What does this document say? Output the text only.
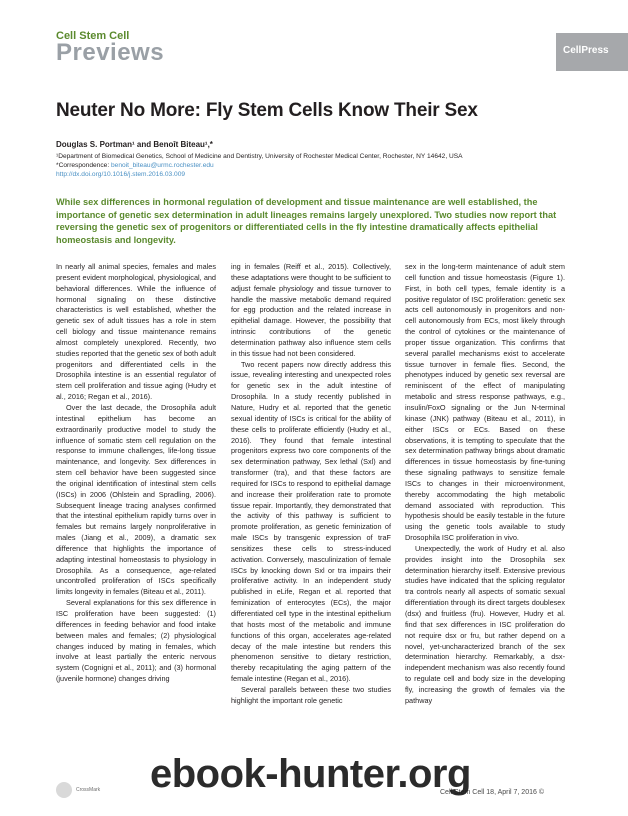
Cell Stem Cell
Previews	CellPress
Neuter No More: Fly Stem Cells Know Their Sex
Douglas S. Portman¹ and Benoît Biteau¹,*
¹Department of Biomedical Genetics, School of Medicine and Dentistry, University of Rochester Medical Center, Rochester, NY 14642, USA
*Correspondence: benoit_biteau@urmc.rochester.edu
http://dx.doi.org/10.1016/j.stem.2016.03.009
While sex differences in hormonal regulation of development and tissue maintenance are well established, the importance of genetic sex determination in adult lineages remains largely unexplored. Two studies now report that reversing the genetic sex of progenitors or differentiated cells in the fly intestine dramatically affects epithelial homeostasis and longevity.

In nearly all animal species, females and males present evident morphological, physiological, and behavioral differences. While the influence of hormonal signaling on these distinctive characteristics is well established, whether the genetic sex of adult tissues has a role in stem cell biology and tissue maintenance remains almost completely unexplored. Recently, two studies reported that the genetic sex of both adult progenitors and differentiated cells in the Drosophila intestine is an essential regulator of stem cell proliferation and tissue aging (Hudry et al., 2016; Regan et al., 2016).

Over the last decade, the Drosophila adult intestinal epithelium has become an extraordinarily productive model to study the influence of somatic stem cell regulation on the response to immune challenges, life-long tissue maintenance, and longevity. Sex differences in stem cell behavior have been suggested since the original identification of intestinal stem cells (ISCs) in 2006 (Ohlstein and Spradling, 2006). Subsequent lineage tracing analyses confirmed that the intestinal epithelium rapidly turns over in females but remains largely nonproliferative in males (Jiang et al., 2009), a dramatic sex difference that highlights the importance of adapting intestinal homeostasis to physiology in Drosophila. As a consequence, age-related uncontrolled proliferation of ISCs specifically limits longevity in females (Biteau et al., 2011).

Several explanations for this sex difference in ISC proliferation have been suggested: (1) differences in feeding behavior and food intake between males and females; (2) physiological changes induced by mating in females, which involve at least partially the enteric nervous system (Cognigni et al., 2011); and (3) hormonal (juvenile hormone) changes driving

ing in females (Reiff et al., 2015). Collectively, these adaptations were thought to be sufficient to adjust female physiology and tissue turnover to handle the massive metabolic demand required for egg production and the related increase in epithelial damage. However, the possibility that intrinsic contributions of the genetic determination pathway also influence stem cells in this tissue had not been considered.

Two recent papers now directly address this issue, revealing interesting and unexpected roles for genetic sex in the adult intestine of Drosophila. In a study recently published in Nature, Hudry et al. reported that the genetic sexual identity of ISCs is critical for the ability of these cells to proliferate efficiently (Hudry et al., 2016). They found that female intestinal progenitors express two core components of the sex determination pathway, Sex lethal (Sxl) and transformer (tra), and that these factors are required for ISCs to respond to epithelial damage and increase their proliferation rate to promote tissue repair. Importantly, they demonstrated that the activity of this pathway is sufficient to promote proliferation, as genetic feminization of male ISCs by transgenic expression of traF sensitizes these cells to stress-induced activation. Conversely, masculinization of female ISCs by knocking down Sxl or tra impairs their proliferative activity. In an independent study published in eLife, Regan et al. reported that feminization of enterocytes (ECs), the major differentiated cell type in the intestinal epithelium that hosts most of the metabolic and immune functions of this organ, accelerates age-related decay of the male intestine but renders this phenomenon sensitive to dietary restriction, thereby recapitulating the aging pattern of the female intestine (Regan et al., 2016).

Several parallels between these two studies highlight the important role genetic

sex in the long-term maintenance of adult stem cell function and tissue homeostasis (Figure 1). First, in both cell types, female identity is a positive regulator of ISC proliferation: genetic sex acts cell autonomously in progenitors and non-cell autonomously from ECs, most likely through the control of cytokines or the maintenance of proper tissue organization. This confirms that several parallel mechanisms exist to accelerate tissue turnover in female flies. Second, the phenotypes induced by genetic sex reversal are reminiscent of the effect of manipulating metabolic and stress response pathways, e.g., insulin/FoxO signaling or the Jun N-terminal kinase (JNK) pathway (Biteau et al., 2011), in either ISCs or ECs. Based on these observations, it is tempting to speculate that the sex determination pathway brings about dramatic differences in tissue homeostasis by fine-tuning these signaling pathways to sensitize female ISCs to changes in their microenvironment, thereby accommodating the high metabolic demand associated with reproduction. This hypothesis should be easily testable in the future using the genetic tools available to study Drosophila ISC proliferation in vivo.

Unexpectedly, the work of Hudry et al. also provides insight into the Drosophila sex determination hierarchy itself. Extensive previous studies have indicated that the splicing regulator tra controls nearly all aspects of somatic sexual differentiation through its direct targets doublesex (dsx) and fruitless (fru). However, Hudry et al. find that sex differences in ISC proliferation do not require dsx or fru, but rather depend on a novel, yet-uncharacterized branch of the sex determination hierarchy. Remarkably, a dsx-independent mechanism was also recently found to regulate cell and body size in the developing fly, increasing the growth of females via the pathway

CrossMark	Cell Stem Cell 18, April 7, 2016 ©
ebook-hunter.org
